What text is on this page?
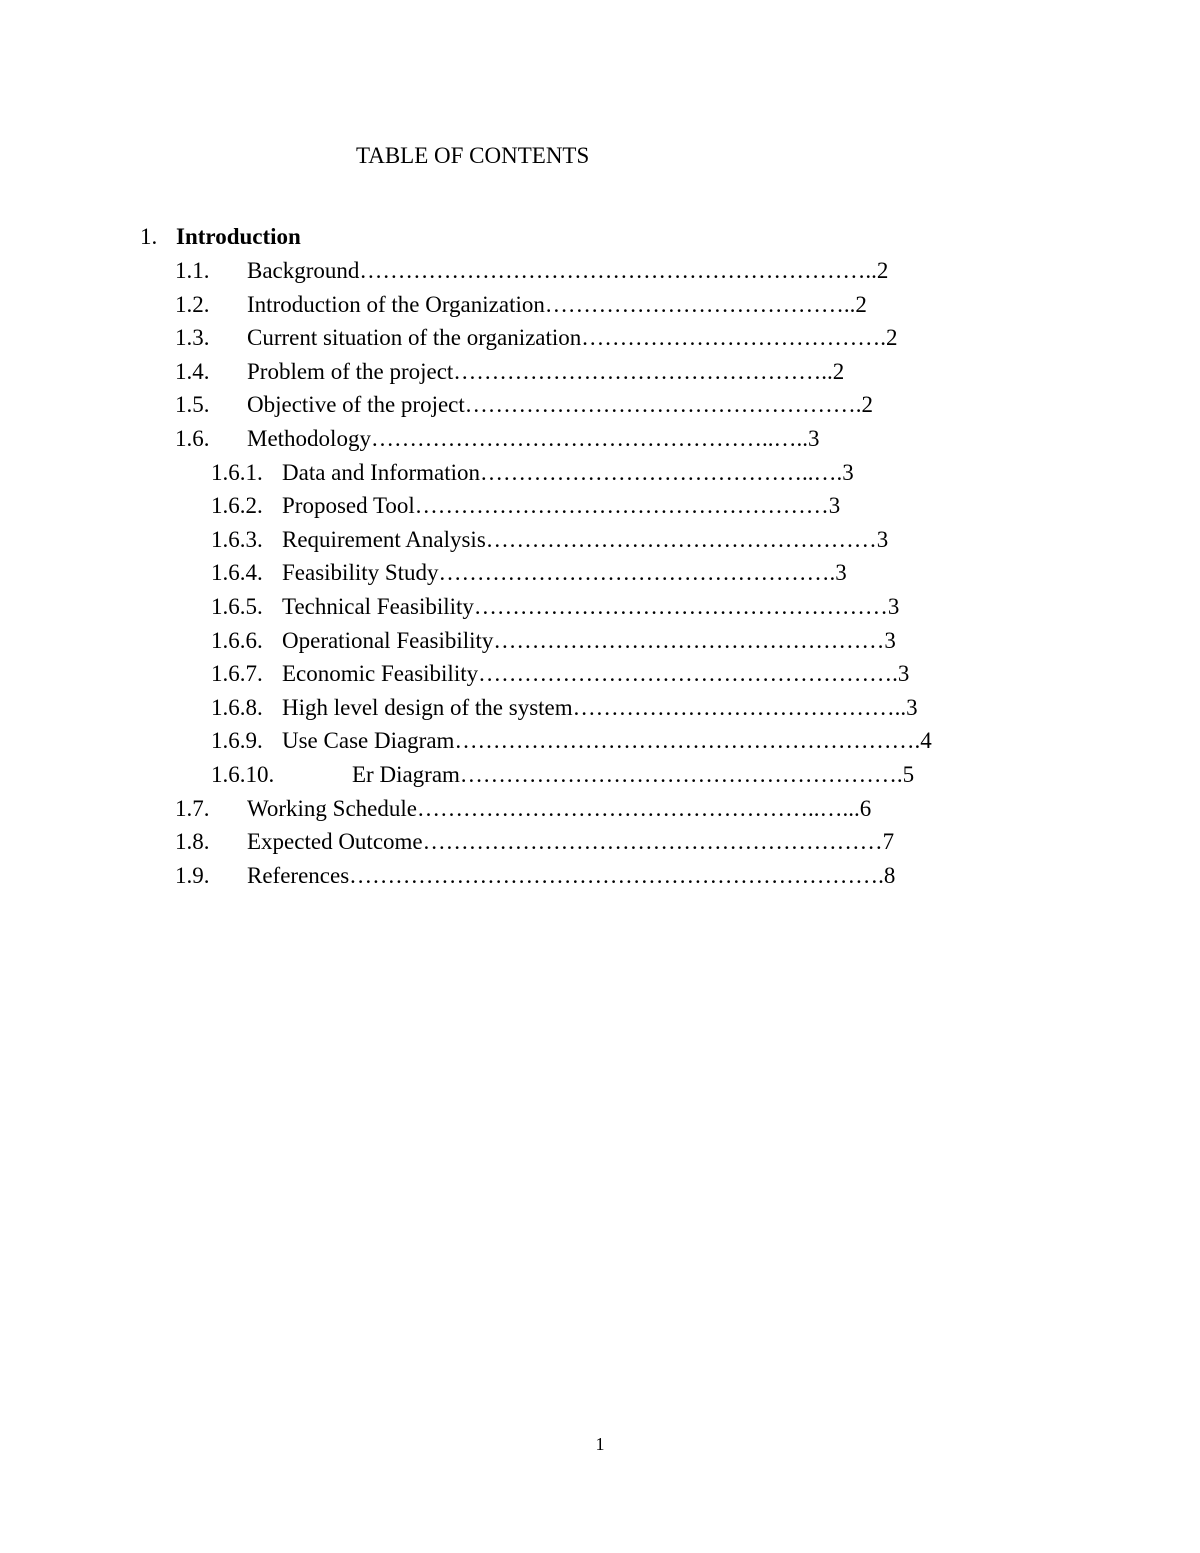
TABLE OF CONTENTS
1. Introduction
1.1. Background…………………………………………………………..2
1.2. Introduction of the Organization…………………………………..2
1.3. Current situation of the organization………………………………….2
1.4. Problem of the project…………………………………………..2
1.5. Objective of the project…………………………………………….2
1.6. Methodology……………………………………………..…..3
1.6.1. Data and Information……………………………………..….3
1.6.2. Proposed Tool………………………………………………3
1.6.3. Requirement Analysis……………………………………………3
1.6.4. Feasibility Study…………………………………………….3
1.6.5. Technical Feasibility………………………………………………3
1.6.6. Operational Feasibility……………………………………………3
1.6.7. Economic Feasibility……………………………………………….3
1.6.8. High level design of the system……………………………………..3
1.6.9. Use Case Diagram…………………………………………………….4
1.6.10.	Er Diagram………………………………………………….5
1.7. Working Schedule……………………………………………..…...6
1.8. Expected Outcome……………………………………………………7
1.9. References…………………………………………………………….8
1
